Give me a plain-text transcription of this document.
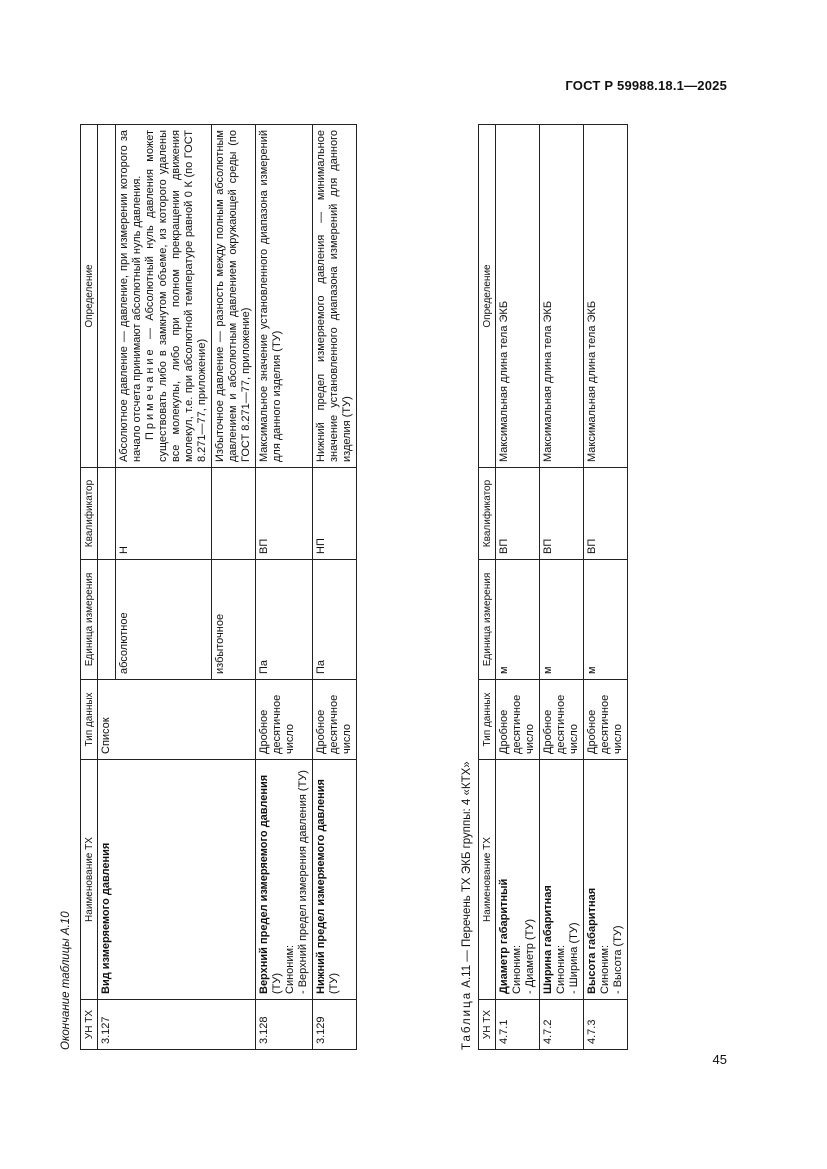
ГОСТ Р 59988.18.1—2025
Окончание таблицы А.10 УН ТХ	Наименование ТХ	Тип данных	Единица измерения	Квалификатор	Определение
3.127	Вид измеряемого давления	Список			
			абсолютное	Н	Абсолютное давление — давление, при измерении которого за начало отсчета принимают абсолютный нуль давления. Примечание — Абсолютный нуль давления может существовать либо в замкнутом объеме, из которого удалены все молекулы, либо при полном прекращении движения молекул, т.е. при абсолютной температуре равной 0 К (по ГОСТ 8.271—77, приложение)

			избыточное		Избыточное давление — разность между полным абсолютным давлением и абсолютным давлением окружающей среды (по ГОСТ 8.271—77, приложение)
3.128	Верхний предел измеряемого давления (ТУ)
Синоним:
- Верхний предел измерения давления (ТУ)	Дробное десятичное число	Па	ВП	Максимальное значение установленного диапазона измерений для данного изделия (ТУ)
3.129	Нижний предел измеряемого давления (ТУ)	Дробное десятичное число	Па	НП	Нижний предел измеряемого давления — минимальное значение установленного диапазона измерений для данного изделия (ТУ)
Таблица А.11 — Перечень ТХ ЭКБ группы: 4 «КТХ»
УН ТХ	Наименование ТХ	Тип данных	Единица измерения	Квалификатор	Определение
4.7.1	Диаметр габаритный
Синоним:
- Диаметр (ТУ)	Дробное десятичное число	м	ВП	Максимальная длина тела ЭКБ
4.7.2	Ширина габаритная
Синоним:
- Ширина (ТУ)	Дробное десятичное число	м	ВП	Максимальная длина тела ЭКБ
4.7.3	Высота габаритная
Синоним:
- Высота (ТУ)	Дробное десятичное число	м	ВП	Максимальная длина тела ЭКБ
45
